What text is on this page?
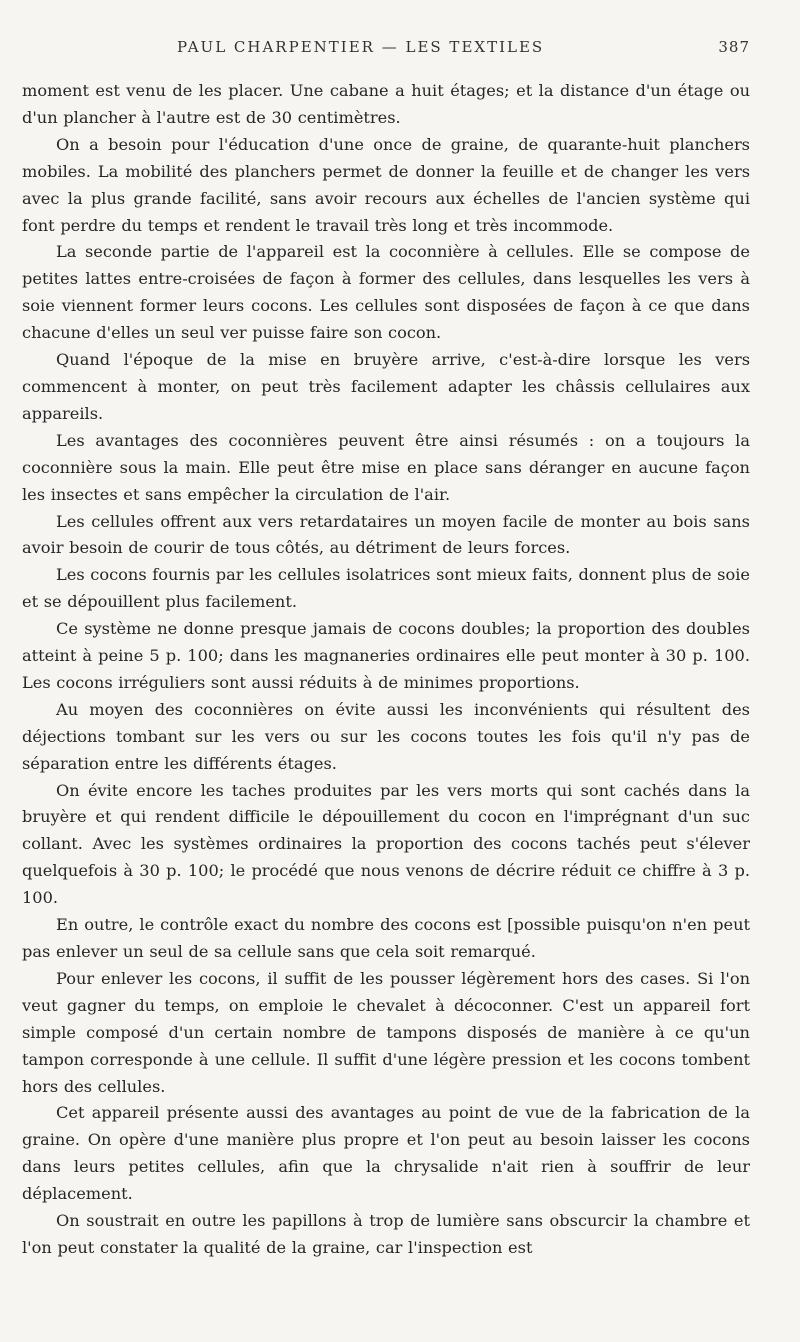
PAUL CHARPENTIER — LES TEXTILES	387

moment est venu de les placer. Une cabane a huit étages; et la distance d'un étage ou d'un plancher à l'autre est de 30 centimètres.

On a besoin pour l'éducation d'une once de graine, de quarante-huit planchers mobiles. La mobilité des planchers permet de donner la feuille et de changer les vers avec la plus grande facilité, sans avoir recours aux échelles de l'ancien système qui font perdre du temps et rendent le travail très long et très incommode.

La seconde partie de l'appareil est la coconnière à cellules. Elle se compose de petites lattes entre-croisées de façon à former des cellules, dans lesquelles les vers à soie viennent former leurs cocons. Les cellules sont disposées de façon à ce que dans chacune d'elles un seul ver puisse faire son cocon.

Quand l'époque de la mise en bruyère arrive, c'est-à-dire lorsque les vers commencent à monter, on peut très facilement adapter les châssis cellulaires aux appareils.

Les avantages des coconnières peuvent être ainsi résumés : on a toujours la coconnière sous la main. Elle peut être mise en place sans déranger en aucune façon les insectes et sans empêcher la circulation de l'air.

Les cellules offrent aux vers retardataires un moyen facile de monter au bois sans avoir besoin de courir de tous côtés, au détriment de leurs forces.

Les cocons fournis par les cellules isolatrices sont mieux faits, donnent plus de soie et se dépouillent plus facilement.

Ce système ne donne presque jamais de cocons doubles; la proportion des doubles atteint à peine 5 p. 100; dans les magnaneries ordinaires elle peut monter à 30 p. 100. Les cocons irréguliers sont aussi réduits à de minimes proportions.

Au moyen des coconnières on évite aussi les inconvénients qui résultent des déjections tombant sur les vers ou sur les cocons toutes les fois qu'il n'y pas de séparation entre les différents étages.

On évite encore les taches produites par les vers morts qui sont cachés dans la bruyère et qui rendent difficile le dépouillement du cocon en l'imprégnant d'un suc collant. Avec les systèmes ordinaires la proportion des cocons tachés peut s'élever quelquefois à 30 p. 100; le procédé que nous venons de décrire réduit ce chiffre à 3 p. 100.

En outre, le contrôle exact du nombre des cocons est [possible puisqu'on n'en peut pas enlever un seul de sa cellule sans que cela soit remarqué.

Pour enlever les cocons, il suffit de les pousser légèrement hors des cases. Si l'on veut gagner du temps, on emploie le chevalet à décoconner. C'est un appareil fort simple composé d'un certain nombre de tampons disposés de manière à ce qu'un tampon corresponde à une cellule. Il suffit d'une légère pression et les cocons tombent hors des cellules.

Cet appareil présente aussi des avantages au point de vue de la fabrication de la graine. On opère d'une manière plus propre et l'on peut au besoin laisser les cocons dans leurs petites cellules, afin que la chrysalide n'ait rien à souffrir de leur déplacement.

On soustrait en outre les papillons à trop de lumière sans obscurcir la chambre et l'on peut constater la qualité de la graine, car l'inspection est
